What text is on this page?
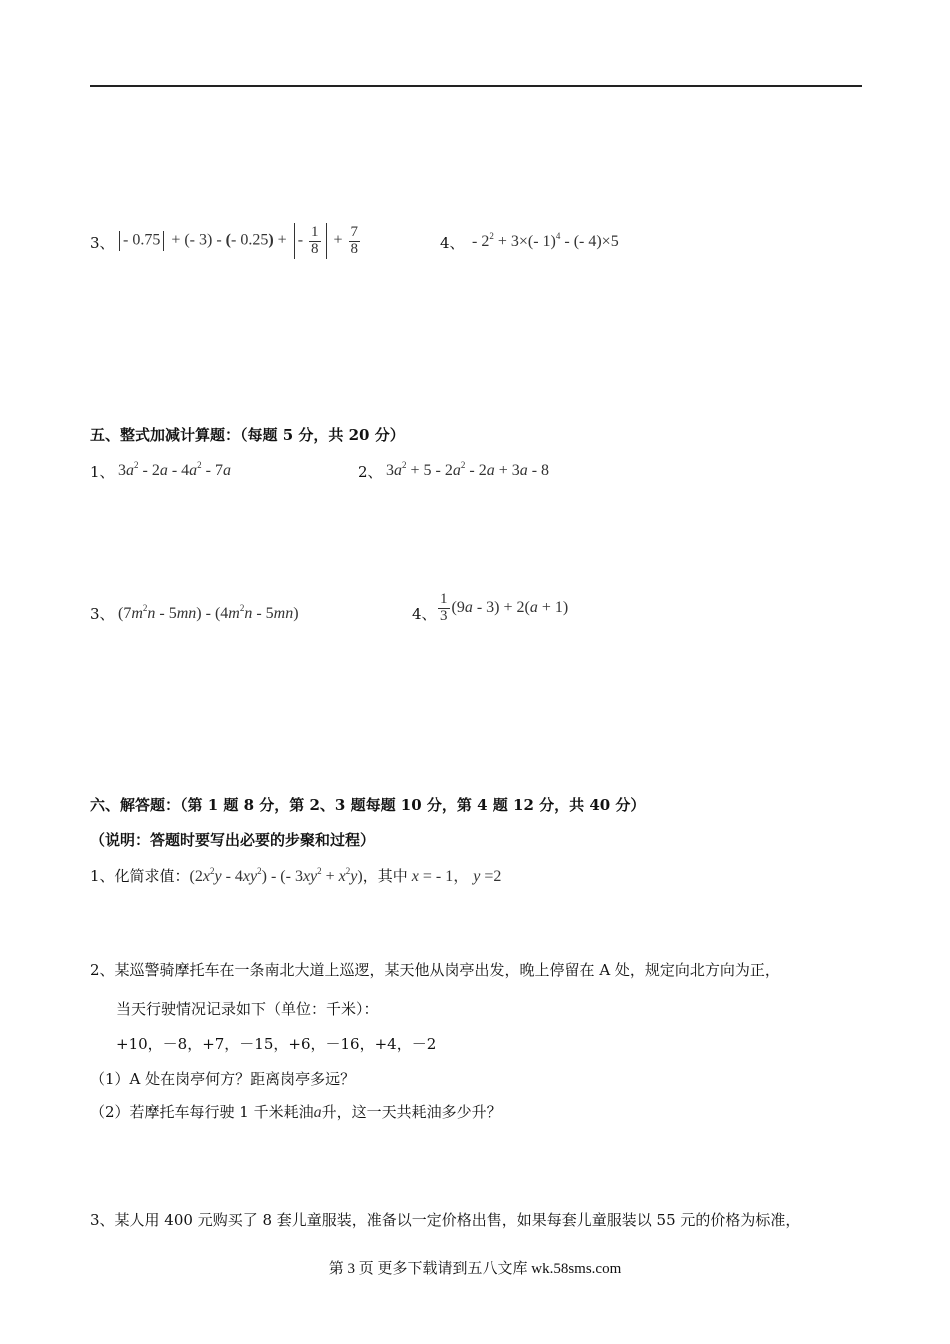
3、 - 0.75 + (- 3) - (- 0.25) + - $\frac{1}{8} + \frac{7}{8}$	4、 - $2^2 + 3\times(-$ 1)$^4$ - (- 4)×5
五、整式加减计算题：（每题 5 分，共 20 分）
1、 $3a^2 - 2a - 4a^2 - 7a$	2、 $3a^2 + 5 - 2a^2 - 2a + 3a - 8$
3、 $(7m^2n - 5mn) - (4m^2n - 5mn)$	4、 $\frac{1}{3} (9a - 3) + 2(a + 1)$
六、解答题：（第 1 题 8 分，第 2、3 题每题 10 分，第 4 题 12 分，共 40 分）
（说明：答题时要写出必要的步聚和过程）
1、化简求值：$(2x^2y - 4xy^2)$ - (- $3xy^2 + x^2y$)，其中 x = - 1， y =2
2、某巡警骑摩托车在一条南北大道上巡逻，某天他从岗亭出发，晚上停留在 A 处，规定向北方向为正，
当天行驶情况记录如下（单位：千米）：
+10，－8，+7，－15，+6，－16，+4，－2
（1）A 处在岗亭何方？距离岗亭多远？
（2）若摩托车每行驶 1 千米耗油a升，这一天共耗油多少升？
3、某人用 400 元购买了 8 套儿童服装，准备以一定价格出售，如果每套儿童服装以 55 元的价格为标准，
第 3 页 更多下载请到五八文库 wk.58sms.com
